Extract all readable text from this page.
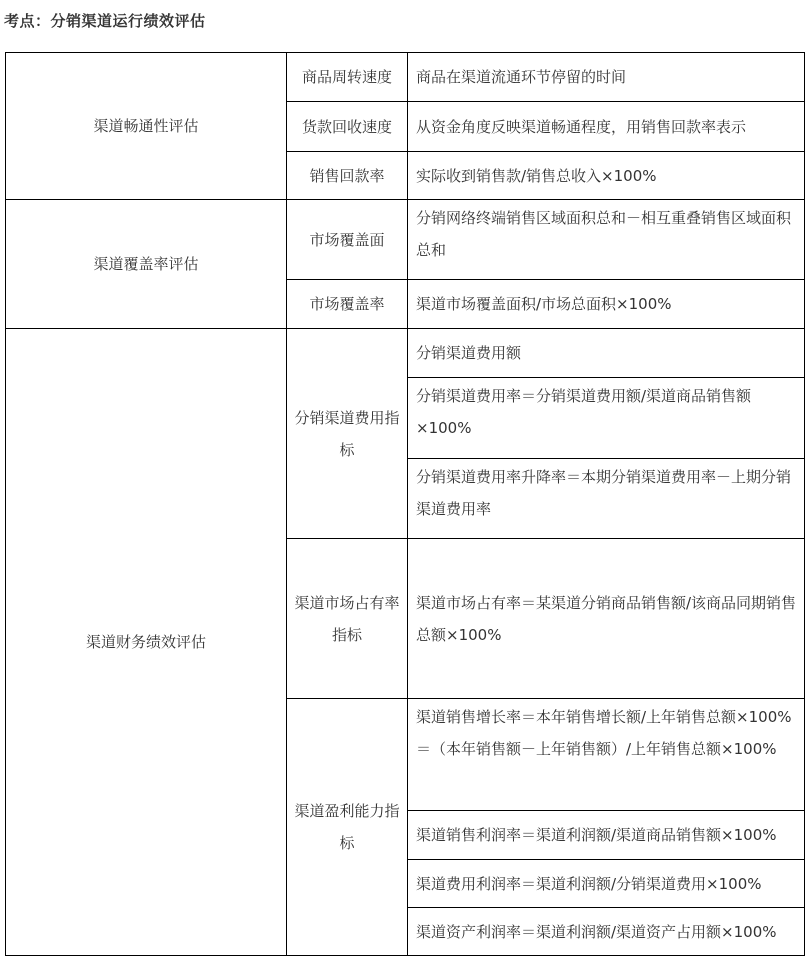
考点：分销渠道运行绩效评估
渠道畅通性评估	商品周转速度	商品在渠道流通环节停留的时间
	货款回收速度	从资金角度反映渠道畅通程度，用销售回款率表示
	销售回款率	实际收到销售款/销售总收入×100%
渠道覆盖率评估	市场覆盖面	分销网络终端销售区域面积总和－相互重叠销售区域面积总和
	市场覆盖率	渠道市场覆盖面积/市场总面积×100%
渠道财务绩效评估	分销渠道费用指标	分销渠道费用额
		分销渠道费用率＝分销渠道费用额/渠道商品销售额×100%
		分销渠道费用率升降率＝本期分销渠道费用率－上期分销渠道费用率
	渠道市场占有率指标	渠道市场占有率＝某渠道分销商品销售额/该商品同期销售总额×100%
	渠道盈利能力指标	渠道销售增长率＝本年销售增长额/上年销售总额×100%＝（本年销售额－上年销售额）/上年销售总额×100%
		渠道销售利润率＝渠道利润额/渠道商品销售额×100%
		渠道费用利润率＝渠道利润额/分销渠道费用×100%
		渠道资产利润率＝渠道利润额/渠道资产占用额×100%
